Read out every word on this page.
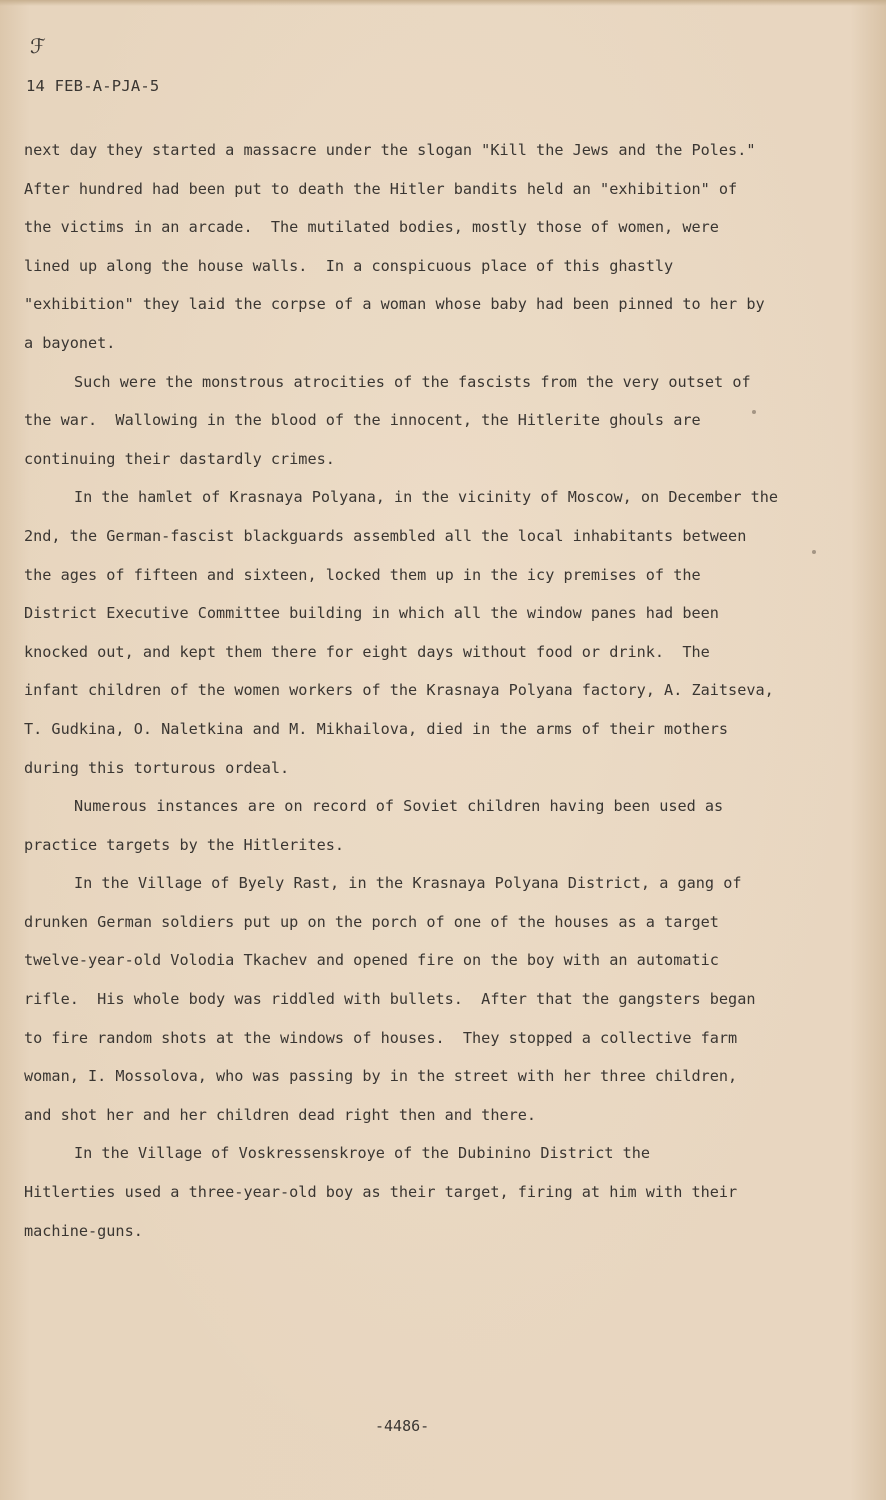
ℱ
14 FEB-A-PJA-5

next day they started a massacre under the slogan "Kill the Jews and the Poles."

After hundred had been put to death the Hitler bandits held an "exhibition" of

the victims in an arcade.  The mutilated bodies, mostly those of women, were

lined up along the house walls.  In a conspicuous place of this ghastly

"exhibition" they laid the corpse of a woman whose baby had been pinned to her by

a bayonet.

Such were the monstrous atrocities of the fascists from the very outset of

the war.  Wallowing in the blood of the innocent, the Hitlerite ghouls are

continuing their dastardly crimes.

In the hamlet of Krasnaya Polyana, in the vicinity of Moscow, on December the

2nd, the German-fascist blackguards assembled all the local inhabitants between

the ages of fifteen and sixteen, locked them up in the icy premises of the

District Executive Committee building in which all the window panes had been

knocked out, and kept them there for eight days without food or drink.  The

infant children of the women workers of the Krasnaya Polyana factory, A. Zaitseva,

T. Gudkina, O. Naletkina and M. Mikhailova, died in the arms of their mothers

during this torturous ordeal.

Numerous instances are on record of Soviet children having been used as

practice targets by the Hitlerites.

In the Village of Byely Rast, in the Krasnaya Polyana District, a gang of

drunken German soldiers put up on the porch of one of the houses as a target

twelve-year-old Volodia Tkachev and opened fire on the boy with an automatic

rifle.  His whole body was riddled with bullets.  After that the gangsters began

to fire random shots at the windows of houses.  They stopped a collective farm

woman, I. Mossolova, who was passing by in the street with her three children,

and shot her and her children dead right then and there.

In the Village of Voskressenskroye of the Dubinino District the

Hitlerties used a three-year-old boy as their target, firing at him with their

machine-guns.

-4486-
